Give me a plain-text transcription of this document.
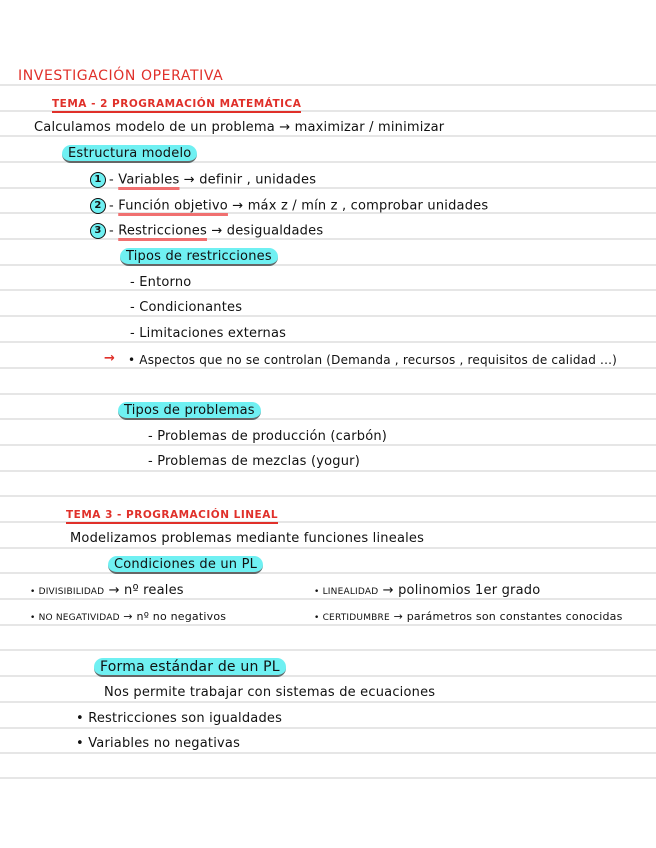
INVESTIGACIÓN OPERATIVA
TEMA - 2 PROGRAMACIÓN MATEMÁTICA
Calculamos modelo de un problema → maximizar / minimizar
Estructura modelo
1 - Variables → definir , unidades
2 - Función objetivo → máx z / mín z , comprobar unidades
3 - Restricciones → desigualdades
Tipos de restricciones
- Entorno
- Condicionantes
- Limitaciones externas
→ • Aspectos que no se controlan (Demanda , recursos , requisitos de calidad ...)
Tipos de problemas
- Problemas de producción (carbón)
- Problemas de mezclas (yogur)
TEMA 3 - PROGRAMACIÓN LINEAL
Modelizamos problemas mediante funciones lineales
Condiciones de un PL
• DIVISIBILIDAD → nº reales
• NO NEGATIVIDAD → nº no negativos
• LINEALIDAD → polinomios 1er grado
• CERTIDUMBRE → parámetros son constantes conocidas
Forma estándar de un PL
Nos permite trabajar con sistemas de ecuaciones
• Restricciones son igualdades
• Variables no negativas
